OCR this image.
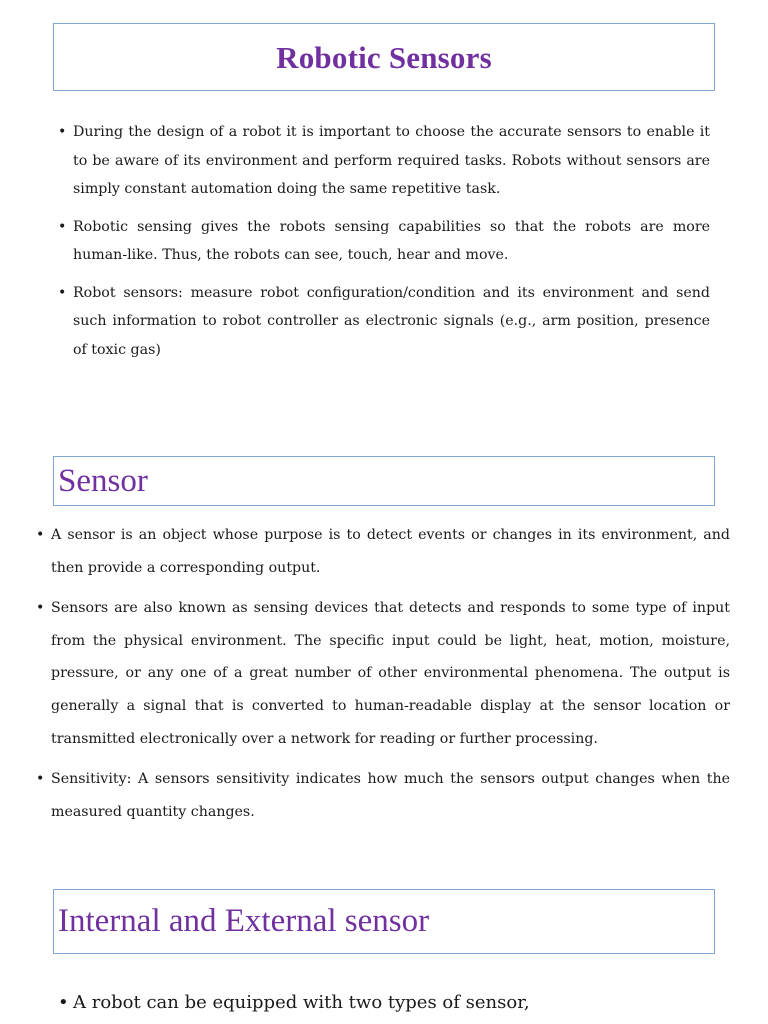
Robotic Sensors
• During the design of a robot it is important to choose the accurate sensors to enable it to be aware of its environment and perform required tasks. Robots without sensors are simply constant automation doing the same repetitive task.
• Robotic sensing gives the robots sensing capabilities so that the robots are more human-like. Thus, the robots can see, touch, hear and move.
• Robot sensors: measure robot configuration/condition and its environment and send such information to robot controller as electronic signals (e.g., arm position, presence of toxic gas)
Sensor
• A sensor is an object whose purpose is to detect events or changes in its environment, and then provide a corresponding output.
• Sensors are also known as sensing devices that detects and responds to some type of input from the physical environment. The specific input could be light, heat, motion, moisture, pressure, or any one of a great number of other environmental phenomena. The output is generally a signal that is converted to human-readable display at the sensor location or transmitted electronically over a network for reading or further processing.
• Sensitivity: A sensors sensitivity indicates how much the sensors output changes when the measured quantity changes.
Internal and External sensor
• A robot can be equipped with two types of sensor,
